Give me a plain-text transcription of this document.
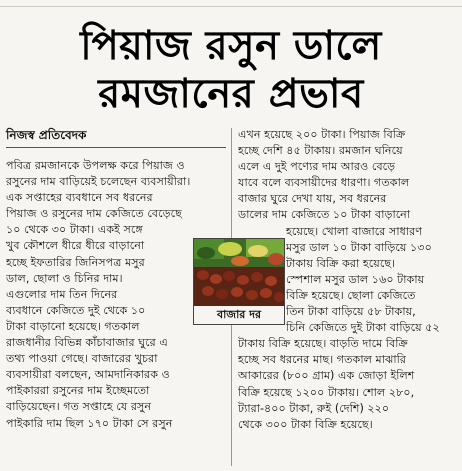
পিয়াজ রসুন ডালে
রমজানের প্রভাব
নিজস্ব প্রতিবেদক
পবিত্র রমজানকে উপলক্ষ করে পিয়াজ ও
রসুনের দাম বাড়িয়েই চলেছেন ব্যবসায়ীরা।
এক সপ্তাহের ব্যবধানে সব ধরনের
পিয়াজ ও রসুনের দাম কেজিতে বেড়েছে
১০ থেকে ৩০ টাকা। একই সঙ্গে
খুব কৌশলে ধীরে ধীরে বাড়ানো
হচ্ছে ইফতারির জিনিসপত্র মসুর
ডাল, ছোলা ও চিনির দাম।
এগুলোর দাম তিন দিনের
ব্যবধানে কেজিতে দুই থেকে ১০
টাকা বাড়ানো হয়েছে। গতকাল
রাজধানীর বিভিন্ন কাঁচাবাজার ঘুরে এ
তথ্য পাওয়া গেছে। বাজারের খুচরা
ব্যবসায়ীরা বলছেন, আমদানিকারক ও
পাইকাররা রসুনের দাম ইচ্ছেমতো
বাড়িয়েছেন। গত সপ্তাহে যে রসুন
পাইকারি দাম ছিল ১৭০ টাকা সে রসুন
এখন হয়েছে ২০০ টাকা। পিয়াজ বিক্রি
হচ্ছে দেশি ৪৫ টাকায়। রমজান ঘনিয়ে
এলে এ দুই পণ্যের দাম আরও বেড়ে
যাবে বলে ব্যবসায়ীদের ধারণা। গতকাল
বাজার ঘুরে দেখা যায়, সব ধরনের
ডালের দাম কেজিতে ১০ টাকা বাড়ানো
হয়েছে। খোলা বাজারে সাধারণ
মসুর ডাল ১০ টাকা বাড়িয়ে ১৩০
টাকায় বিক্রি করা হয়েছে।
স্পেশাল মসুর ডাল ১৬০ টাকায়
বিক্রি হয়েছে। ছোলা কেজিতে
তিন টাকা বাড়িয়ে ৫৮ টাকায়,
চিনি কেজিতে দুই টাকা বাড়িয়ে ৫২
টাকায় বিক্রি হয়েছে। বাড়তি দামে বিক্রি
হচ্ছে সব ধরনের মাছ। গতকাল মাঝারি
আকারের (৮০০ গ্রাম) এক জোড়া ইলিশ
বিক্রি হয়েছে ১২০০ টাকায়। শোল ২৮০,
ট্যারা-৪০০ টাকা, রুই (দেশি) ২২০
থেকে ৩০০ টাকা বিক্রি হয়েছে।
বাজার দর
